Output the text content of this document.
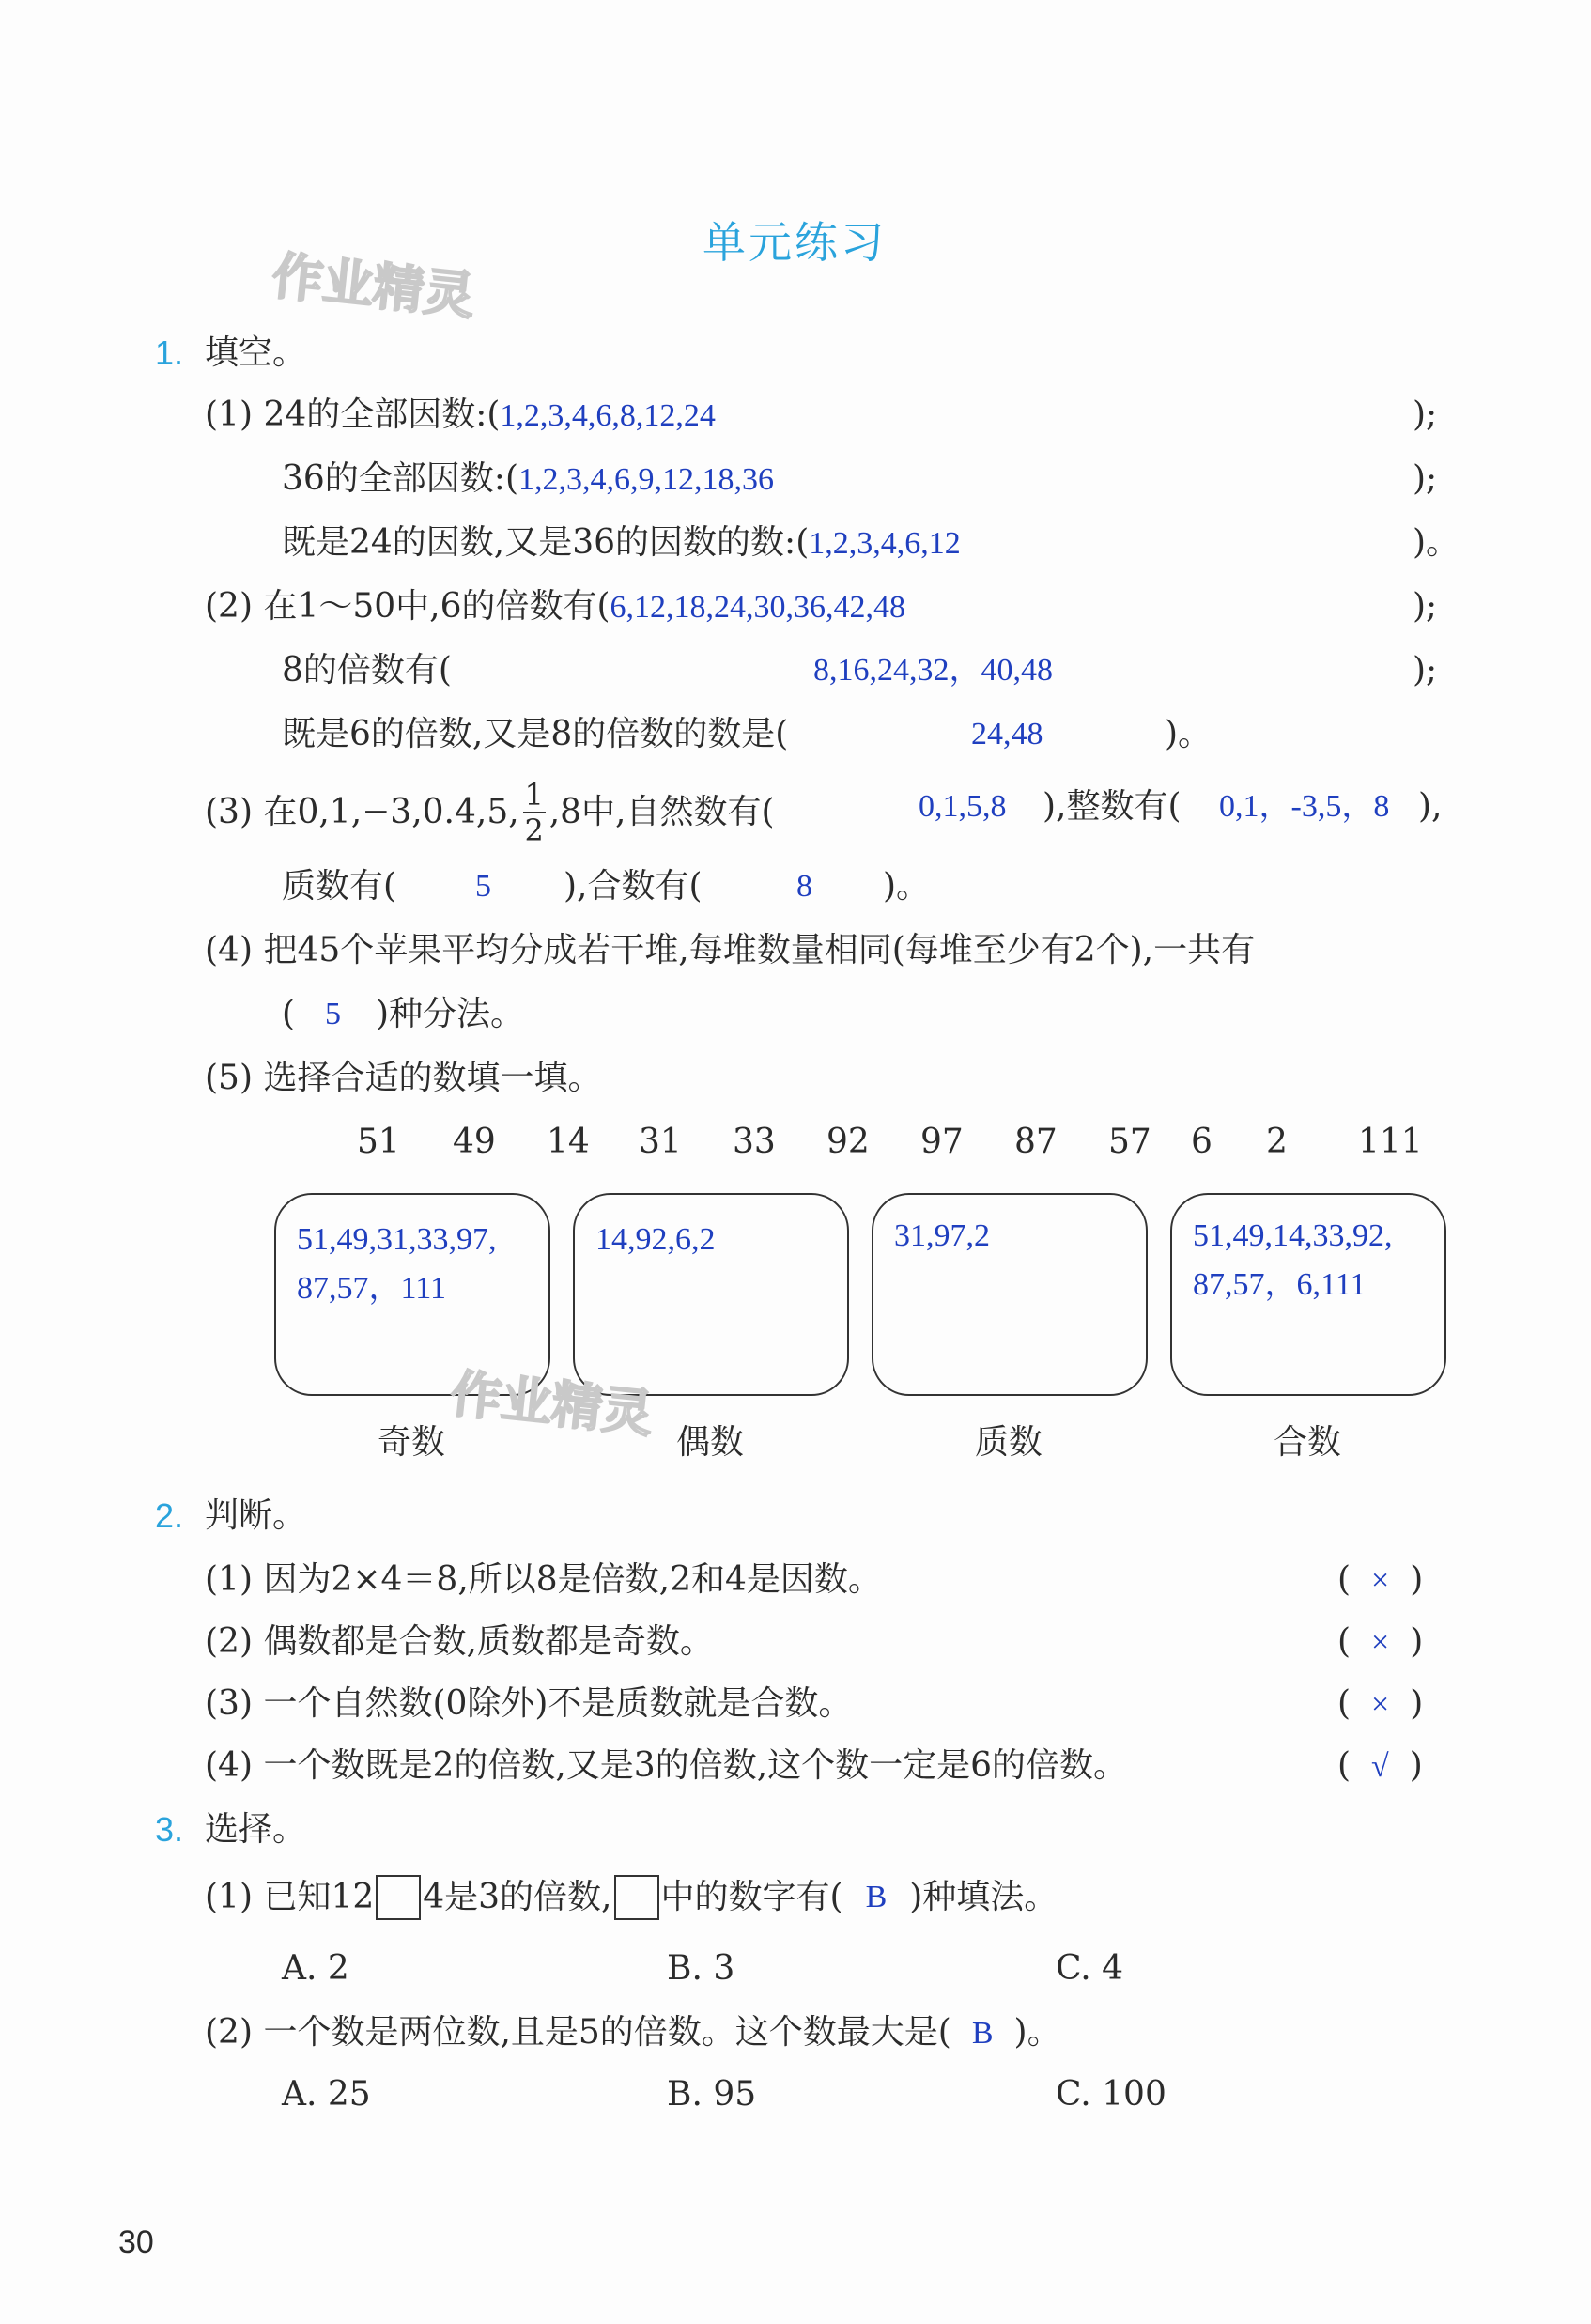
单元练习
作业精灵
1. 填空。
(1) 24的全部因数:(1,2,3,4,6,8,12,24	);
36的全部因数:(1,2,3,4,6,9,12,18,36	);
既是24的因数,又是36的因数的数:(1,2,3,4,6,12	)。
(2) 在1～50中,6的倍数有(6,12,18,24,30,36,42,48	);
8的倍数有(	8,16,24,32，40,48	);
既是6的倍数,又是8的倍数的数是(	24,48	)。
(3) 在0,1,−3,0.4,5, $\frac{1}{2} ,8$中,自然数有(	0,1,5,8 ),整数有( 0,1，-3,5，8 ),
质数有( 5 ),合数有(	8 )。
(4) 把45个苹果平均分成若干堆,每堆数量相同(每堆至少有2个),一共有
( 5 )种分法。
(5) 选择合适的数填一填。
51 49 14 31 33 92 97 87 57 6 2 111
51,49,31,33,97,
87,57，111
14,92,6,2	31,97,2	51,49,14,33,92,
87,57，6,111
奇数	偶数	质数	合数
作业精灵
2. 判断。
(1) 因为2×4＝8,所以8是倍数,2和4是因数。	( × )
(2) 偶数都是合数,质数都是奇数。	( × )
(3) 一个自然数(0除外)不是质数就是合数。	( × )
(4) 一个数既是2的倍数,又是3的倍数,这个数一定是6的倍数。	( √ )
3. 选择。
(1) 已知12 4是3的倍数, 中的数字有( B )种填法。
A. 2	B. 3	C. 4
(2) 一个数是两位数,且是5的倍数。这个数最大是( B )。
A. 25	B. 95	C. 100
30
